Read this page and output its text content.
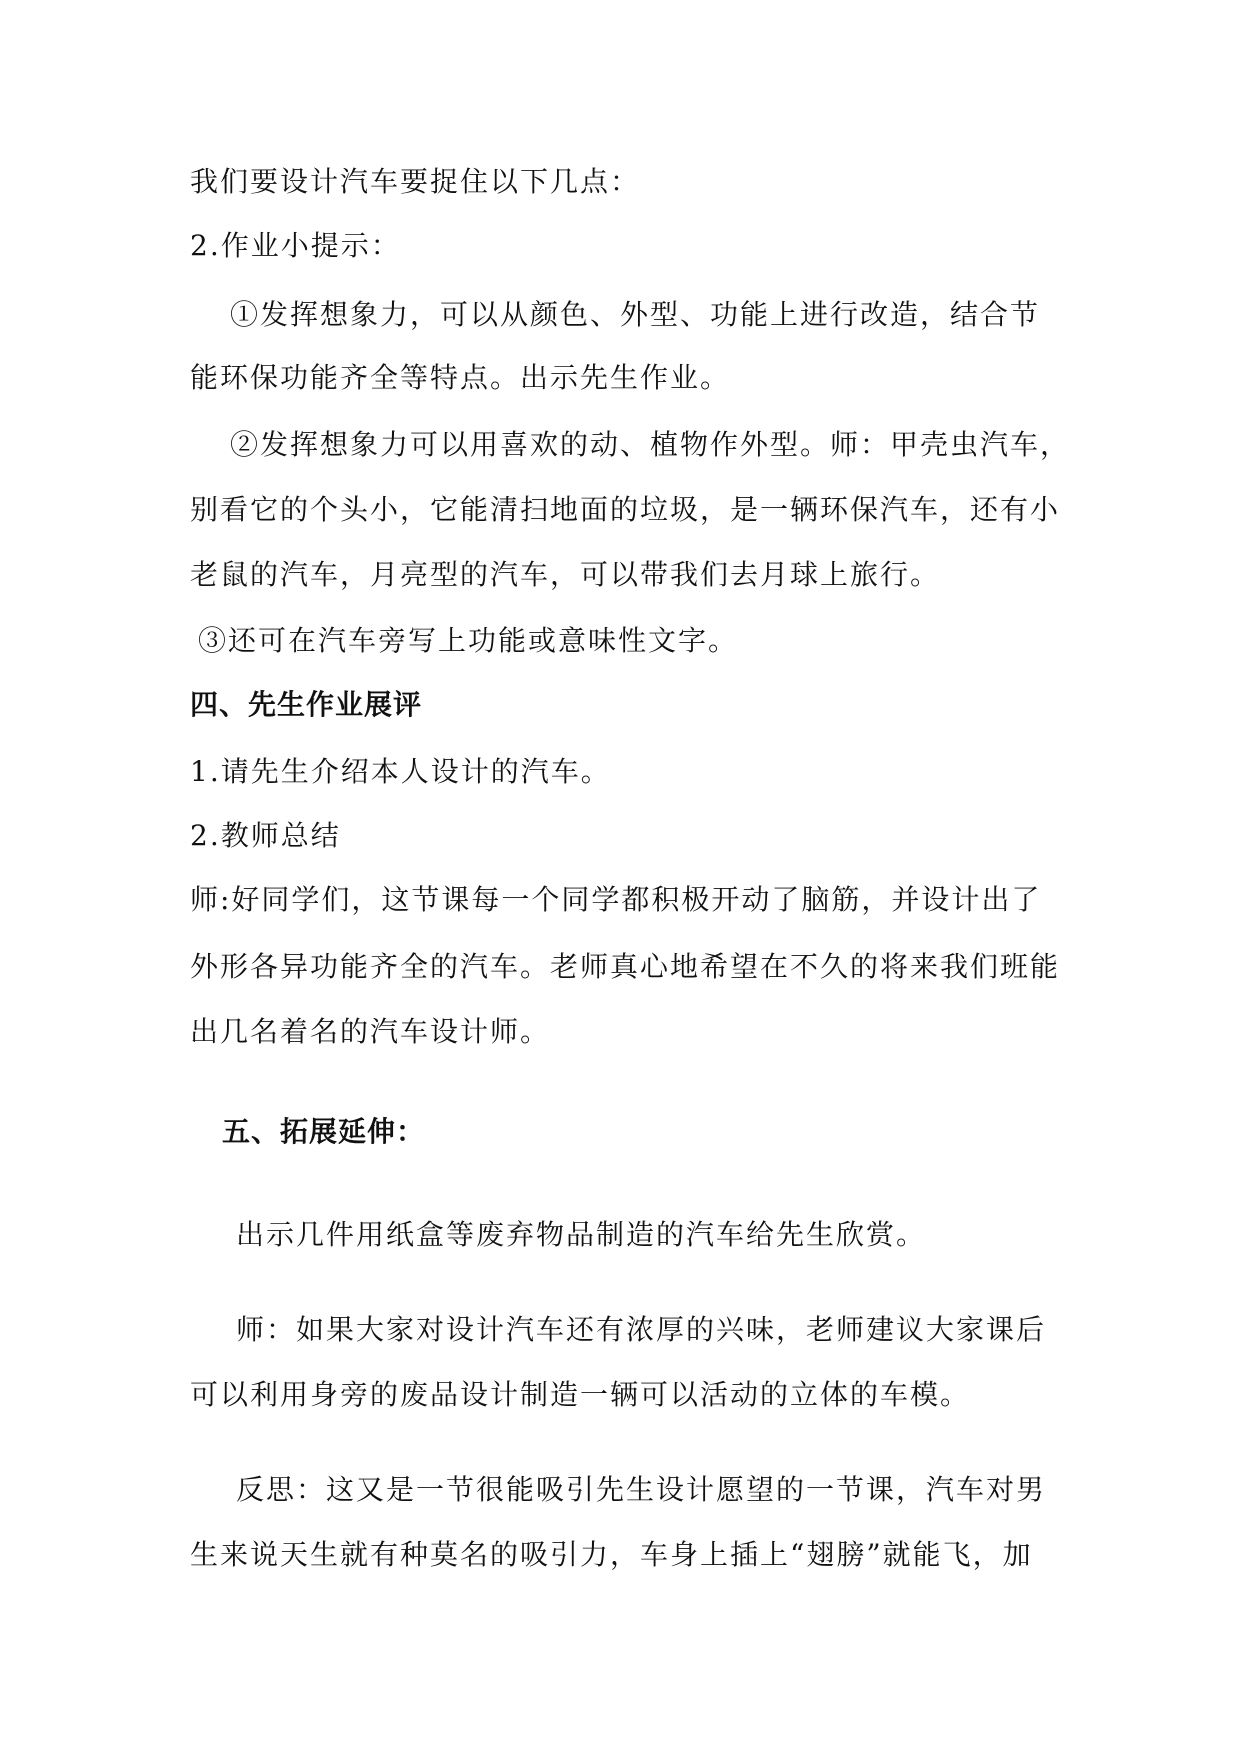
我们要设计汽车要捉住以下几点：
2.作业小提示：
①发挥想象力，可以从颜色、外型、功能上进行改造，结合节
能环保功能齐全等特点。出示先生作业。
②发挥想象力可以用喜欢的动、植物作外型。师：甲壳虫汽车，
别看它的个头小，它能清扫地面的垃圾，是一辆环保汽车，还有小
老鼠的汽车，月亮型的汽车，可以带我们去月球上旅行。
③还可在汽车旁写上功能或意味性文字。
四、先生作业展评
1.请先生介绍本人设计的汽车。
2.教师总结
师:好同学们，这节课每一个同学都积极开动了脑筋，并设计出了
外形各异功能齐全的汽车。老师真心地希望在不久的将来我们班能
出几名着名的汽车设计师。
五、拓展延伸：
出示几件用纸盒等废弃物品制造的汽车给先生欣赏。
师：如果大家对设计汽车还有浓厚的兴味，老师建议大家课后
可以利用身旁的废品设计制造一辆可以活动的立体的车模。
反思：这又是一节很能吸引先生设计愿望的一节课，汽车对男
生来说天生就有种莫名的吸引力，车身上插上“翅膀”就能飞，加
